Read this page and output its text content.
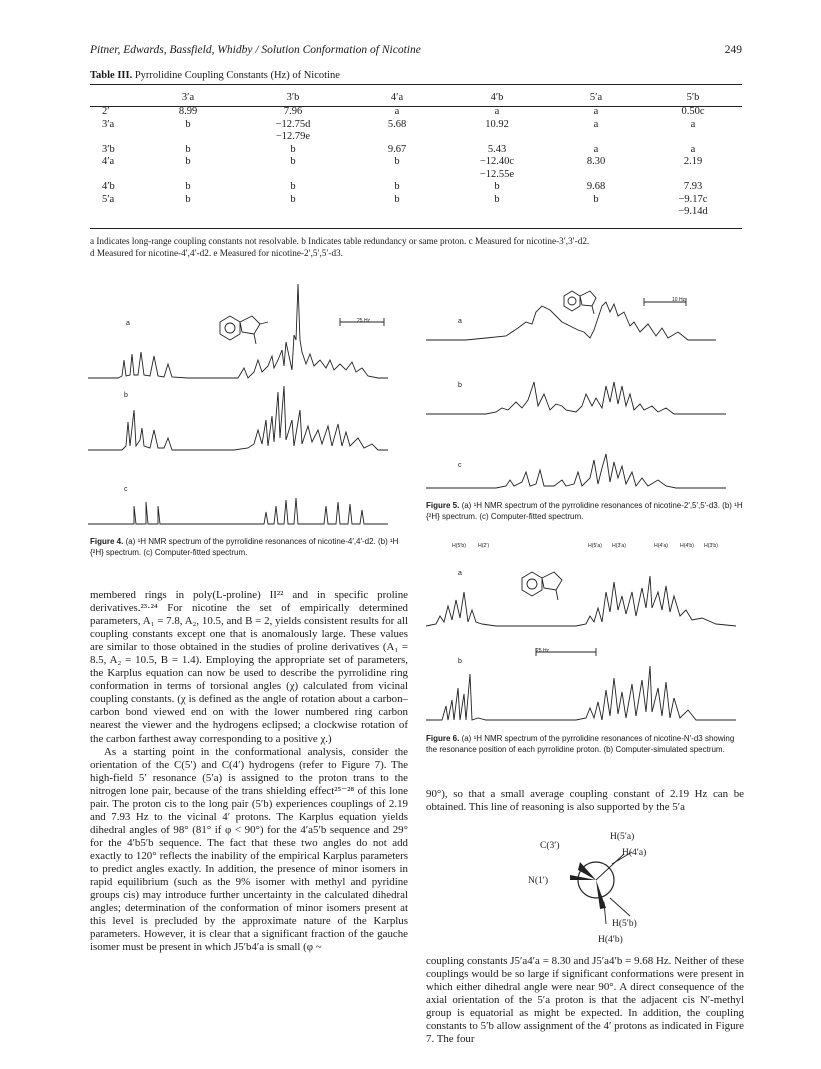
Pitner, Edwards, Bassfield, Whidby / Solution Conformation of Nicotine	249
Table III. Pyrrolidine Coupling Constants (Hz) of Nicotine
	3′a	3′b	4′a	4′b	5′a	5′b
2′	8.99	7.96	a	a	a	0.50c
3′a	b	−12.75d	5.68	10.92	a	a
		−12.79e				
3′b	b	b	9.67	5.43	a	a
4′a	b	b	b	−12.40c	8.30	2.19
				−12.55e		
4′b	b	b	b	b	9.68	7.93
5′a	b	b	b	b	b	−9.17c
						−9.14d
a Indicates long-range coupling constants not resolvable. b Indicates table redundancy or same proton. c Measured for nicotine-3′,3′-d2.
d Measured for nicotine-4′,4′-d2. e Measured for nicotine-2′,5′,5′-d3.
a
b
c
25 Hz
Figure 4. (a) ¹H NMR spectrum of the pyrrolidine resonances of nicotine-4′,4′-d2. (b) ¹H {²H} spectrum. (c) Computer-fitted spectrum.
a
b
c
10 Hz
Figure 5. (a) ¹H NMR spectrum of the pyrrolidine resonances of nicotine-2′,5′,5′-d3. (b) ¹H {²H} spectrum. (c) Computer-fitted spectrum.
H(5′b) H(2′)	H(5′a) H(3′a)	H(4′a) H(4′b) H(3′b)
a
b
25 Hz
Figure 6. (a) ¹H NMR spectrum of the pyrrolidine resonances of nicotine-N′-d3 showing the resonance position of each pyrrolidine proton. (b) Computer-simulated spectrum.

membered rings in poly(L-proline) II²² and in specific proline derivatives.²³·²⁴ For nicotine the set of empirically determined parameters, A₁ = 7.8, A₂, 10.5, and B = 2, yields consistent results for all coupling constants except one that is anomalously large. These values are similar to those obtained in the studies of proline derivatives (A₁ = 8.5, A₂ = 10.5, B = 1.4). Employing the appropriate set of parameters, the Karplus equation can now be used to describe the pyrrolidine ring conformation in terms of torsional angles (χ) calculated from vicinal coupling constants. (χ is defined as the angle of rotation about a carbon–carbon bond viewed end on with the lower numbered ring carbon nearest the viewer and the hydrogens eclipsed; a clockwise rotation of the carbon farthest away corresponding to a positive χ.)

As a starting point in the conformational analysis, consider the orientation of the C(5′) and C(4′) hydrogens (refer to Figure 7). The high-field 5′ resonance (5′a) is assigned to the proton trans to the nitrogen lone pair, because of the trans shielding effect²⁵⁻²⁸ of this lone pair. The proton cis to the long pair (5′b) experiences couplings of 2.19 and 7.93 Hz to the vicinal 4′ protons. The Karplus equation yields dihedral angles of 98° (81° if φ < 90°) for the 4′a5′b sequence and 29° for the 4′b5′b sequence. The fact that these two angles do not add exactly to 120° reflects the inability of the empirical Karplus parameters to predict angles exactly. In addition, the presence of minor isomers in rapid equilibrium (such as the 9% isomer with methyl and pyridine groups cis) may introduce further uncertainty in the calculated dihedral angles; determination of the conformation of minor isomers present at this level is precluded by the approximate nature of the Karplus parameters. However, it is clear that a significant fraction of the gauche isomer must be present in which J5′b4′a is small (φ ~

90°), so that a small average coupling constant of 2.19 Hz can be obtained. This line of reasoning is also supported by the 5′a

C(3′)
H(5′a)
H(4′a)
N(1′)
H(5′b)
H(4′b)

coupling constants J5′a4′a = 8.30 and J5′a4′b = 9.68 Hz. Neither of these couplings would be so large if significant conformations were present in which either dihedral angle were near 90°. A direct consequence of the axial orientation of the 5′a proton is that the adjacent cis N′-methyl group is equatorial as might be expected. In addition, the coupling constants to 5′b allow assignment of the 4′ protons as indicated in Figure 7. The four
